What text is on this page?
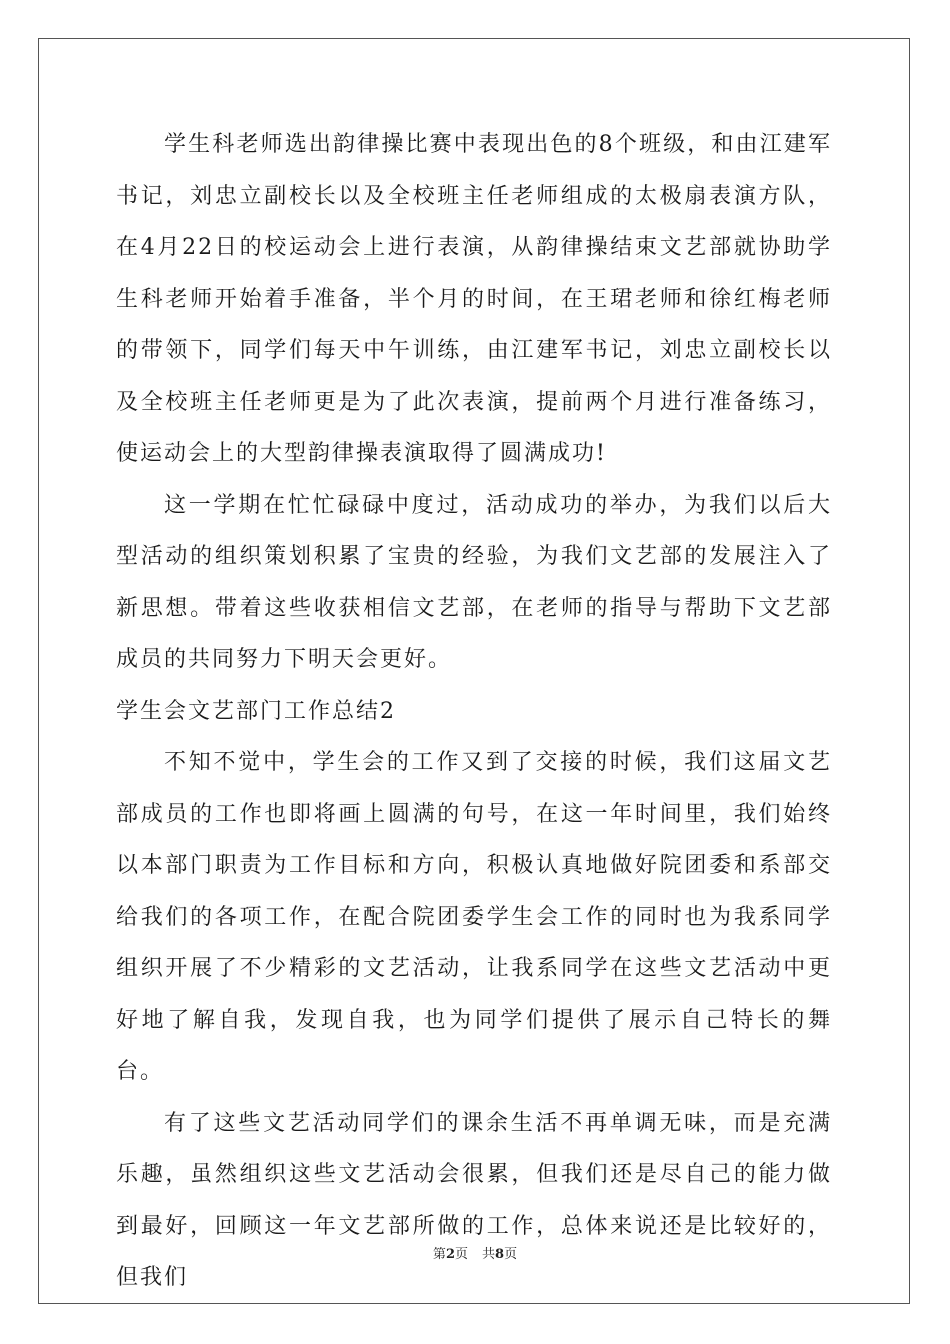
学生科老师选出韵律操比赛中表现出色的8个班级，和由江建军书记，刘忠立副校长以及全校班主任老师组成的太极扇表演方队，在4月22日的校运动会上进行表演，从韵律操结束文艺部就协助学生科老师开始着手准备，半个月的时间，在王珺老师和徐红梅老师的带领下，同学们每天中午训练，由江建军书记，刘忠立副校长以及全校班主任老师更是为了此次表演，提前两个月进行准备练习，使运动会上的大型韵律操表演取得了圆满成功!

这一学期在忙忙碌碌中度过，活动成功的举办，为我们以后大型活动的组织策划积累了宝贵的经验，为我们文艺部的发展注入了新思想。带着这些收获相信文艺部，在老师的指导与帮助下文艺部成员的共同努力下明天会更好。

学生会文艺部门工作总结2

不知不觉中，学生会的工作又到了交接的时候，我们这届文艺部成员的工作也即将画上圆满的句号，在这一年时间里，我们始终以本部门职责为工作目标和方向，积极认真地做好院团委和系部交给我们的各项工作，在配合院团委学生会工作的同时也为我系同学组织开展了不少精彩的文艺活动，让我系同学在这些文艺活动中更好地了解自我，发现自我，也为同学们提供了展示自己特长的舞台。

有了这些文艺活动同学们的课余生活不再单调无味，而是充满乐趣，虽然组织这些文艺活动会很累，但我们还是尽自己的能力做到最好，回顾这一年文艺部所做的工作，总体来说还是比较好的，但我们

第2页 共8页
